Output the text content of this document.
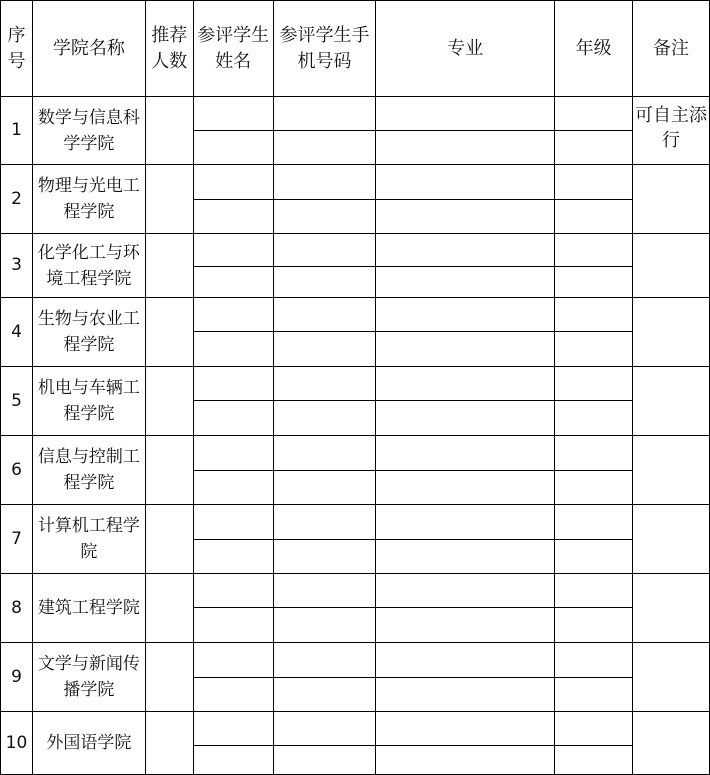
序号	学院名称	推荐人数	参评学生姓名	参评学生手机号码	专业	年级	备注
1	数学与信息科学学院						可自主添行

2	物理与光电工程学院						

3	化学化工与环境工程学院						

4	生物与农业工程学院						

5	机电与车辆工程学院						

6	信息与控制工程学院						

7	计算机工程学院						

8	建筑工程学院						

9	文学与新闻传播学院						

10	外国语学院						
